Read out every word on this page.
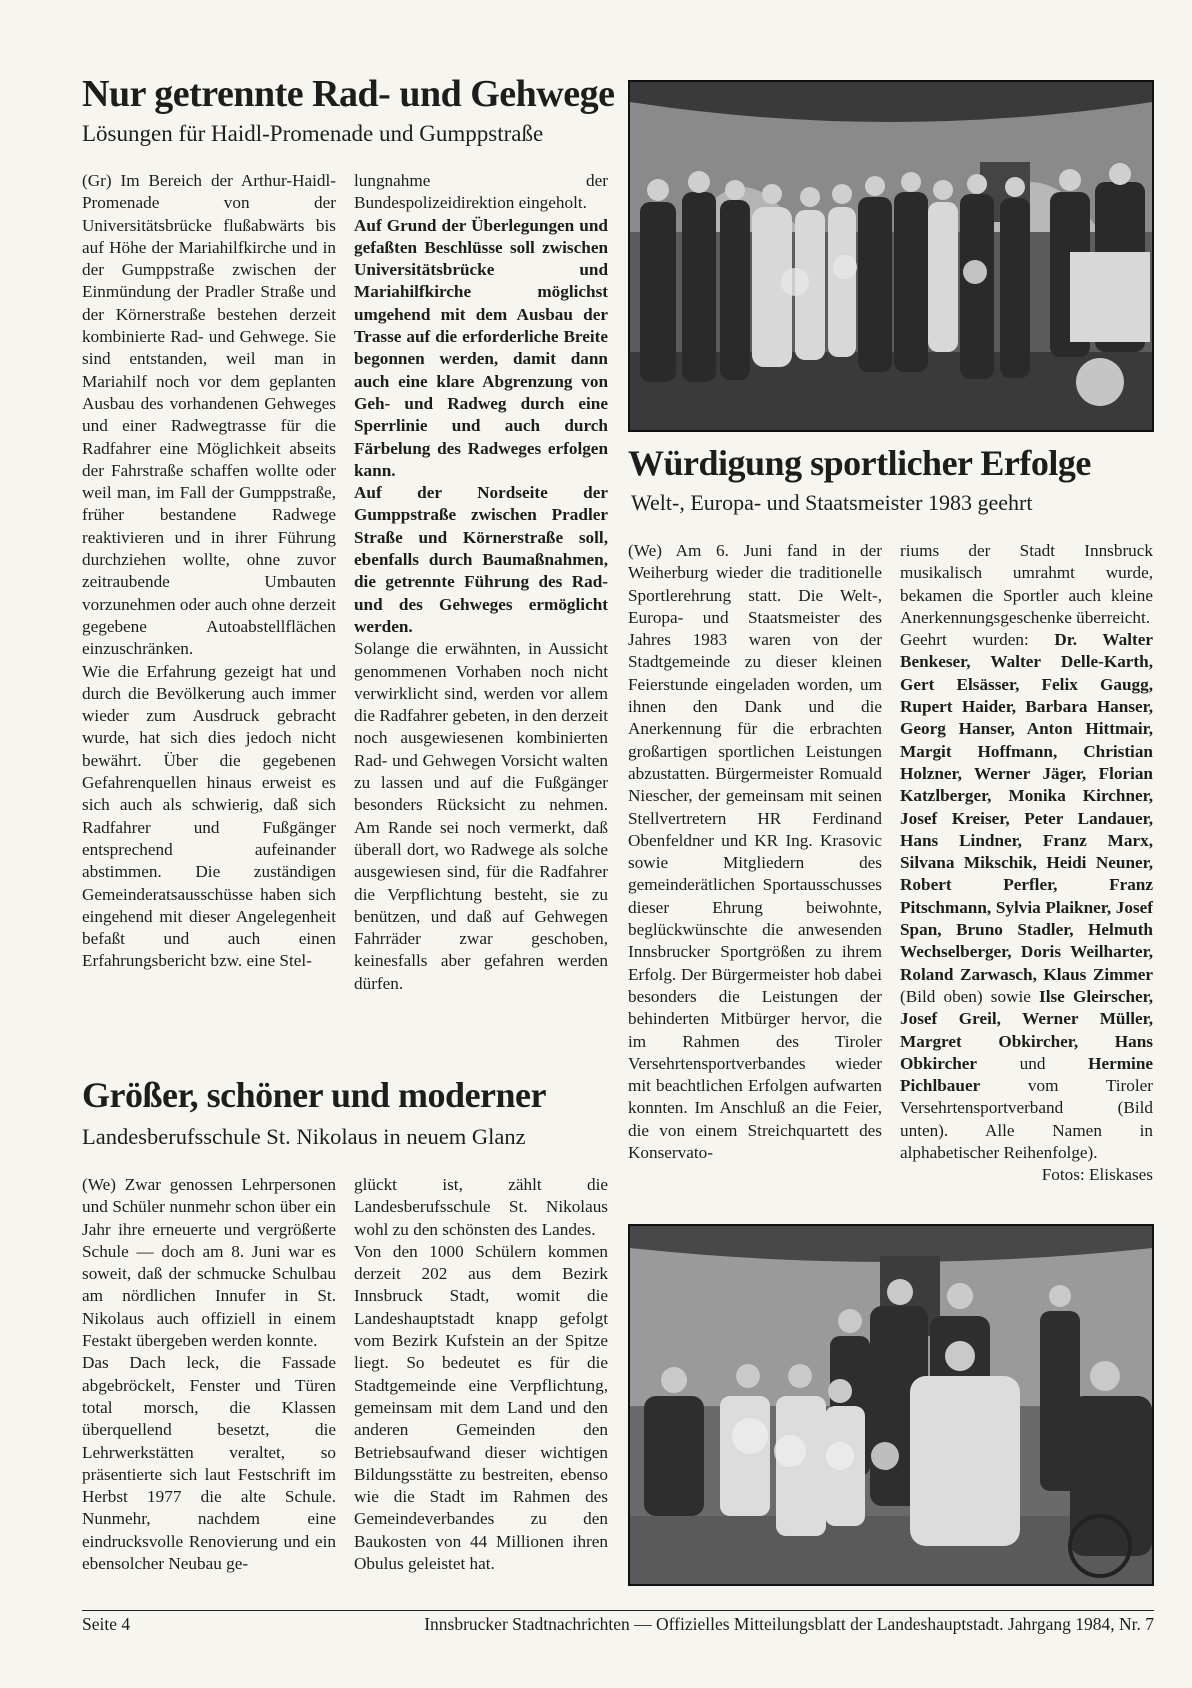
Nur getrennte Rad- und Gehwege

Lösungen für Haidl-Promenade und Gumppstraße

(Gr) Im Bereich der Arthur-Haidl-Promenade von der Universitätsbrücke flußabwärts bis auf Höhe der Mariahilfkirche und in der Gumppstraße zwischen der Einmündung der Pradler Straße und der Körnerstraße bestehen derzeit kombinierte Rad- und Gehwege. Sie sind entstanden, weil man in Mariahilf noch vor dem geplanten Ausbau des vorhandenen Gehweges und einer Radwegtrasse für die Radfahrer eine Möglichkeit abseits der Fahrstraße schaffen wollte oder weil man, im Fall der Gumppstraße, früher bestandene Radwege reaktivieren und in ihrer Führung durchziehen wollte, ohne zuvor zeitraubende Umbauten vorzunehmen oder auch ohne derzeit gegebene Autoabstellflächen einzuschränken.

Wie die Erfahrung gezeigt hat und durch die Bevölkerung auch immer wieder zum Ausdruck gebracht wurde, hat sich dies jedoch nicht bewährt. Über die gegebenen Gefahrenquellen hinaus erweist es sich auch als schwierig, daß sich Radfahrer und Fußgänger entsprechend aufeinander abstimmen. Die zuständigen Gemeinderatsausschüsse haben sich eingehend mit dieser Angelegenheit befaßt und auch einen Erfahrungsbericht bzw. eine Stel-

lungnahme der Bundespolizeidirektion eingeholt.

Auf Grund der Überlegungen und gefaßten Beschlüsse soll zwischen Universitätsbrücke und Mariahilfkirche möglichst umgehend mit dem Ausbau der Trasse auf die erforderliche Breite begonnen werden, damit dann auch eine klare Abgrenzung von Geh- und Radweg durch eine Sperrlinie und auch durch Färbelung des Radweges erfolgen kann.

Auf der Nordseite der Gumppstraße zwischen Pradler Straße und Körnerstraße soll, ebenfalls durch Baumaßnahmen, die getrennte Führung des Rad- und des Gehweges ermöglicht werden.

Solange die erwähnten, in Aussicht genommenen Vorhaben noch nicht verwirklicht sind, werden vor allem die Radfahrer gebeten, in den derzeit noch ausgewiesenen kombinierten Rad- und Gehwegen Vorsicht walten zu lassen und auf die Fußgänger besonders Rücksicht zu nehmen. Am Rande sei noch vermerkt, daß überall dort, wo Radwege als solche ausgewiesen sind, für die Radfahrer die Verpflichtung besteht, sie zu benützen, und daß auf Gehwegen Fahrräder zwar geschoben, keinesfalls aber gefahren werden dürfen.

Würdigung sportlicher Erfolge

Welt-, Europa- und Staatsmeister 1983 geehrt

(We) Am 6. Juni fand in der Weiherburg wieder die traditionelle Sportlerehrung statt. Die Welt-, Europa- und Staatsmeister des Jahres 1983 waren von der Stadtgemeinde zu dieser kleinen Feierstunde eingeladen worden, um ihnen den Dank und die Anerkennung für die erbrachten großartigen sportlichen Leistungen abzustatten. Bürgermeister Romuald Niescher, der gemeinsam mit seinen Stellvertretern HR Ferdinand Obenfeldner und KR Ing. Krasovic sowie Mitgliedern des gemeinderätlichen Sportausschusses dieser Ehrung beiwohnte, beglückwünschte die anwesenden Innsbrucker Sportgrößen zu ihrem Erfolg. Der Bürgermeister hob dabei besonders die Leistungen der behinderten Mitbürger hervor, die im Rahmen des Tiroler Versehrtensportverbandes wieder mit beachtlichen Erfolgen aufwarten konnten. Im Anschluß an die Feier, die von einem Streichquartett des Konservato-

riums der Stadt Innsbruck musikalisch umrahmt wurde, bekamen die Sportler auch kleine Anerkennungsgeschenke überreicht.

Geehrt wurden: Dr. Walter Benkeser, Walter Delle-Karth, Gert Elsässer, Felix Gaugg, Rupert Haider, Barbara Hanser, Georg Hanser, Anton Hittmair, Margit Hoffmann, Christian Holzner, Werner Jäger, Florian Katzlberger, Monika Kirchner, Josef Kreiser, Peter Landauer, Hans Lindner, Franz Marx, Silvana Mikschik, Heidi Neuner, Robert Perfler, Franz Pitschmann, Sylvia Plaikner, Josef Span, Bruno Stadler, Helmuth Wechselberger, Doris Weilharter, Roland Zarwasch, Klaus Zimmer (Bild oben) sowie Ilse Gleirscher, Josef Greil, Werner Müller, Margret Obkircher, Hans Obkircher und Hermine Pichlbauer	vom Tiroler Versehrtensportverband (Bild unten). Alle Namen in alphabetischer Reihenfolge).
Fotos: Eliskases

Größer, schöner und moderner

Landesberufsschule St. Nikolaus in neuem Glanz

(We) Zwar genossen Lehrpersonen und Schüler nunmehr schon über ein Jahr ihre erneuerte und vergrößerte Schule — doch am 8. Juni war es soweit, daß der schmucke Schulbau am nördlichen Innufer in St. Nikolaus auch offiziell in einem Festakt übergeben werden konnte.

Das Dach leck, die Fassade abgebröckelt, Fenster und Türen total morsch, die Klassen überquellend besetzt, die Lehrwerkstätten veraltet, so präsentierte sich laut Festschrift im Herbst 1977 die alte Schule. Nunmehr, nachdem eine eindrucksvolle Renovierung und ein ebensolcher Neubau ge-

glückt ist, zählt die Landesberufsschule St. Nikolaus wohl zu den schönsten des Landes.

Von den 1000 Schülern kommen derzeit 202 aus dem Bezirk Innsbruck Stadt, womit die Landeshauptstadt knapp gefolgt vom Bezirk Kufstein an der Spitze liegt. So bedeutet es für die Stadtgemeinde eine Verpflichtung, gemeinsam mit dem Land und den anderen Gemeinden den Betriebsaufwand dieser wichtigen Bildungsstätte zu bestreiten, ebenso wie die Stadt im Rahmen des Gemeindeverbandes zu den Baukosten von 44 Millionen ihren Obulus geleistet hat.

Seite 4	Innsbrucker Stadtnachrichten — Offizielles Mitteilungsblatt der Landeshauptstadt. Jahrgang 1984, Nr. 7
